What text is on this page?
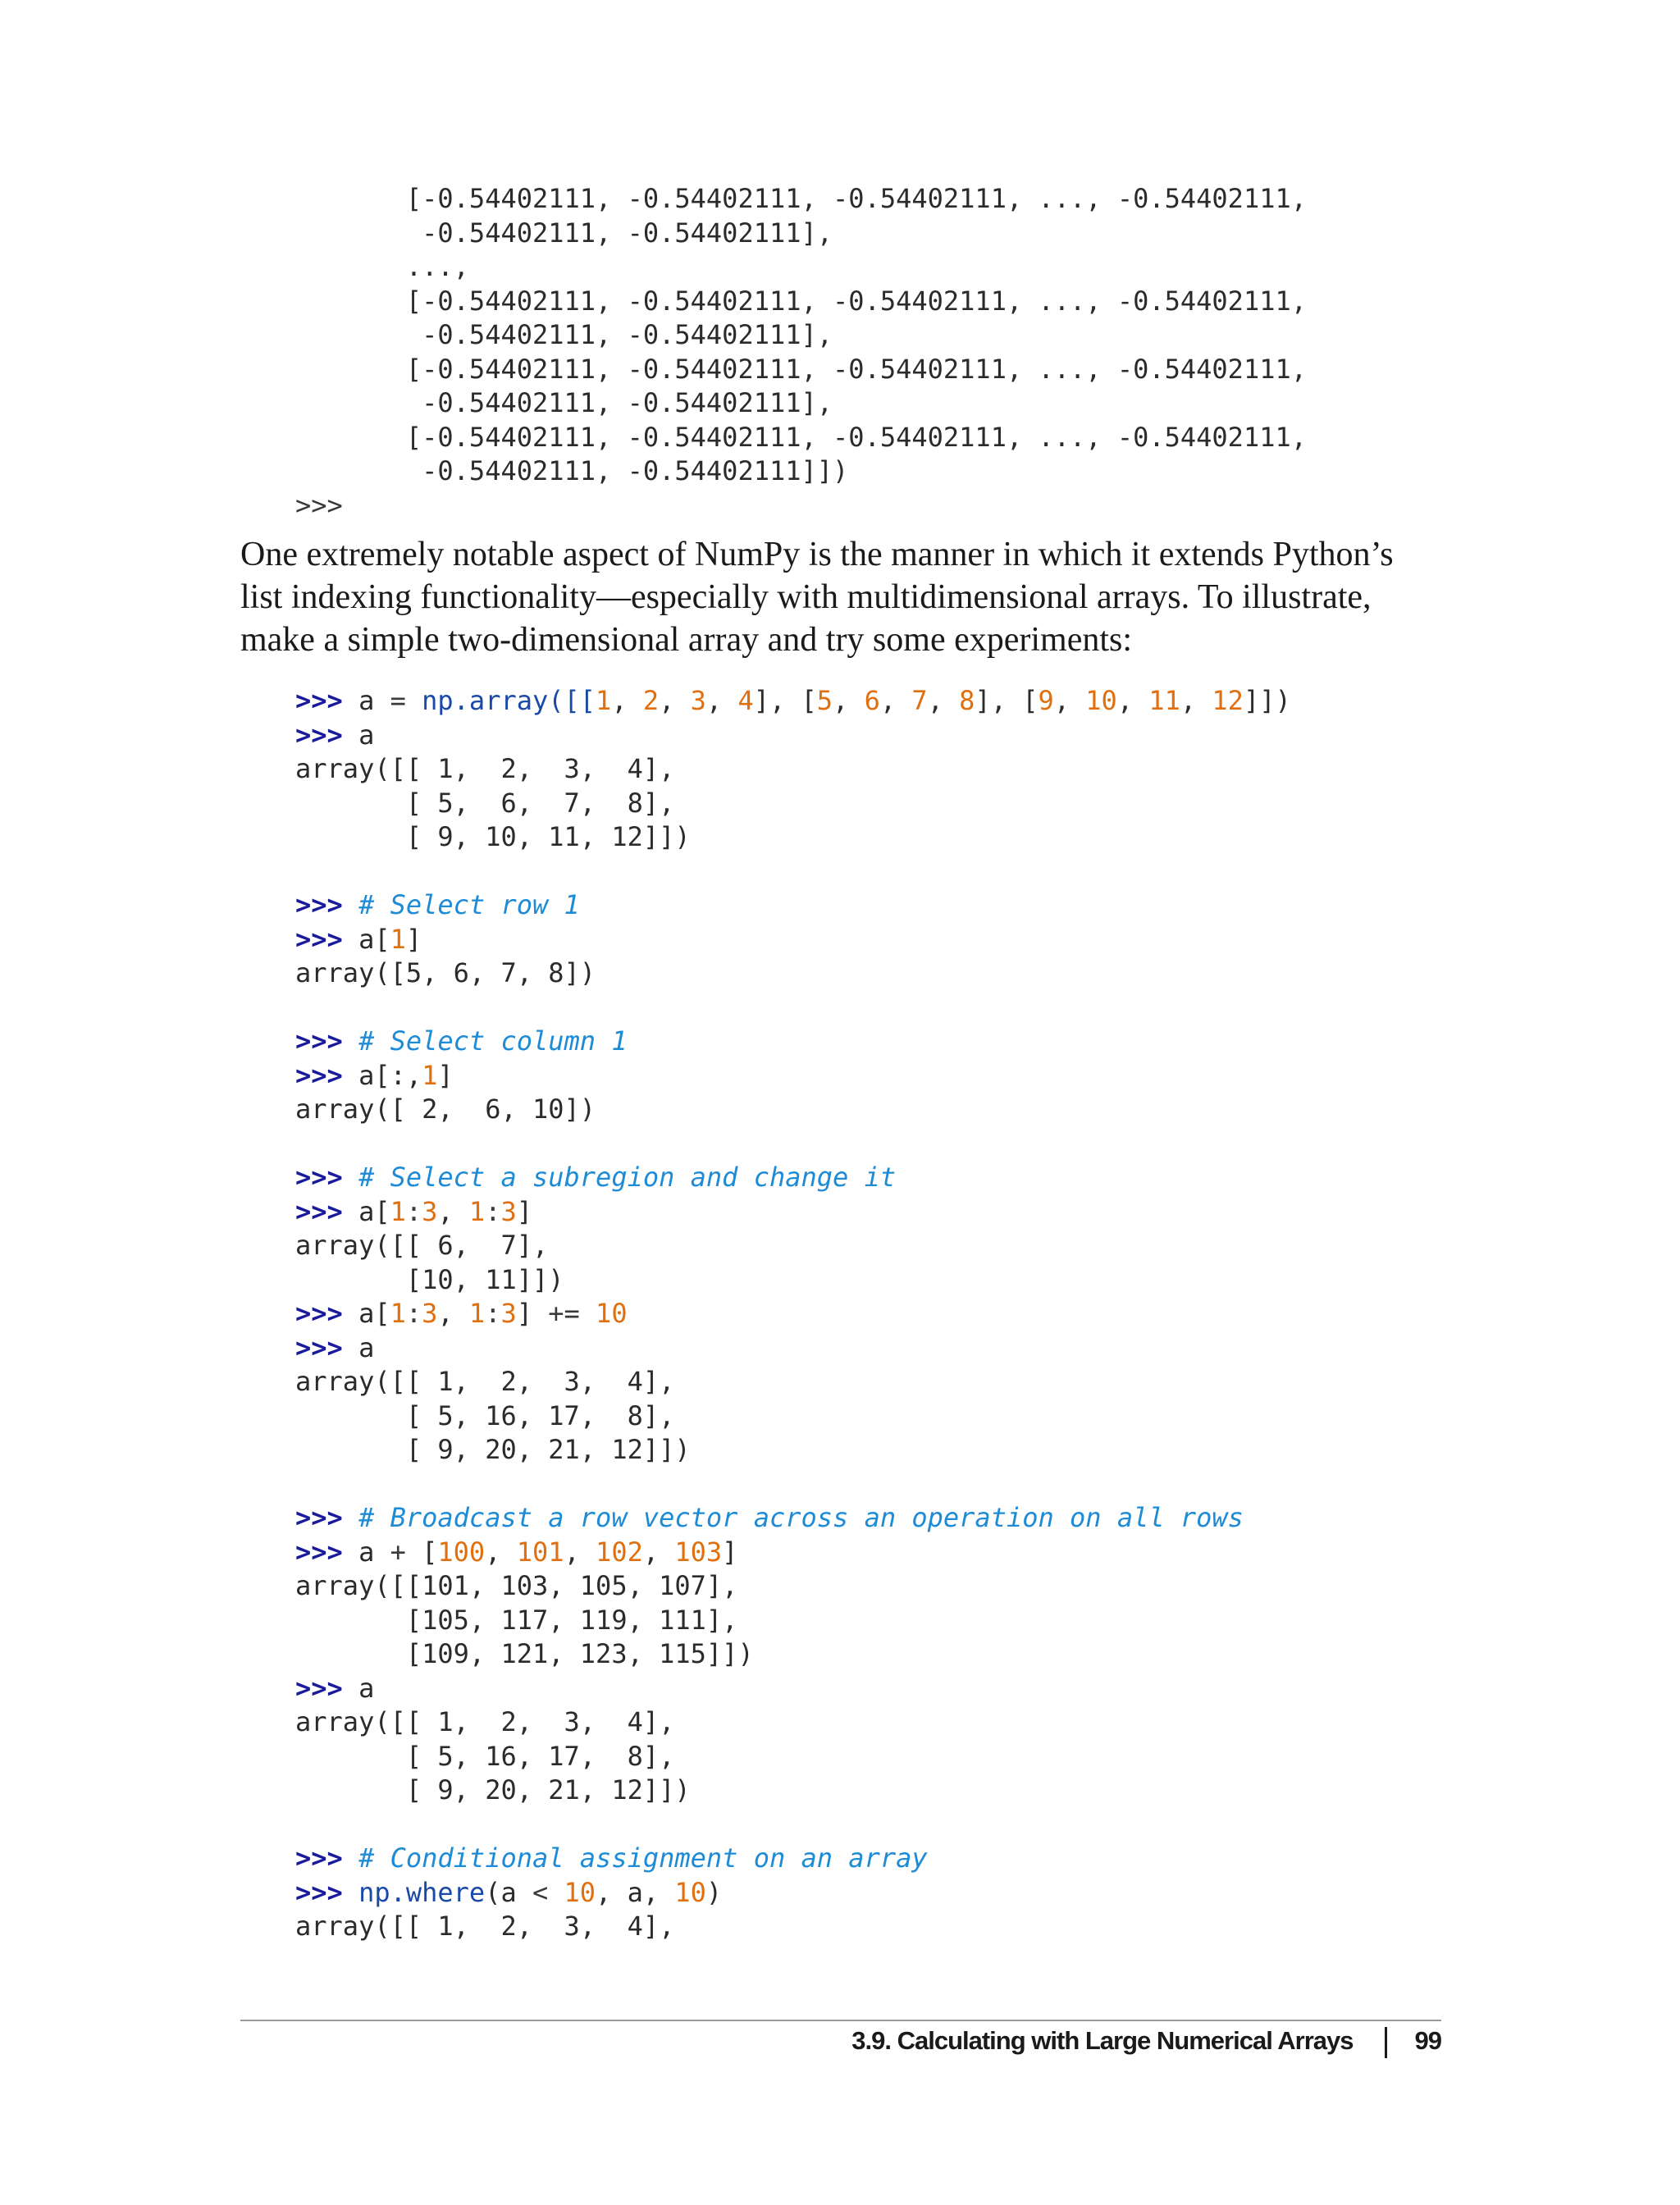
[-0.54402111, -0.54402111, -0.54402111, ..., -0.54402111,
-0.54402111, -0.54402111],
...,
[-0.54402111, -0.54402111, -0.54402111, ..., -0.54402111,
-0.54402111, -0.54402111],
[-0.54402111, -0.54402111, -0.54402111, ..., -0.54402111,
-0.54402111, -0.54402111],
[-0.54402111, -0.54402111, -0.54402111, ..., -0.54402111,
-0.54402111, -0.54402111]])
>>>

One extremely notable aspect of NumPy is the manner in which it extends Python’s list indexing functionality—especially with multidimensional arrays. To illustrate, make a simple two-dimensional array and try some experiments:

>>> a = np.array([[1, 2, 3, 4], [5, 6, 7, 8], [9, 10, 11, 12]])
>>> a
array([[ 1,  2,  3,  4],
[ 5,  6,  7,  8],
[ 9, 10, 11, 12]])
>>> # Select row 1
>>> a[1]
array([5, 6, 7, 8])
>>> # Select column 1
>>> a[:,1]
array([ 2,  6, 10])
>>> # Select a subregion and change it
>>> a[1:3, 1:3]
array([[ 6,  7],
[10, 11]])
>>> a[1:3, 1:3] += 10
>>> a
array([[ 1,  2,  3,  4],
[ 5, 16, 17,  8],
[ 9, 20, 21, 12]])
>>> # Broadcast a row vector across an operation on all rows
>>> a + [100, 101, 102, 103]
array([[101, 103, 105, 107],
[105, 117, 119, 111],
[109, 121, 123, 115]])
>>> a
array([[ 1,  2,  3,  4],
[ 5, 16, 17,  8],
[ 9, 20, 21, 12]])
>>> # Conditional assignment on an array
>>> np.where(a < 10, a, 10)
array([[ 1,  2,  3,  4],
3.9. Calculating with Large Numerical Arrays 99
